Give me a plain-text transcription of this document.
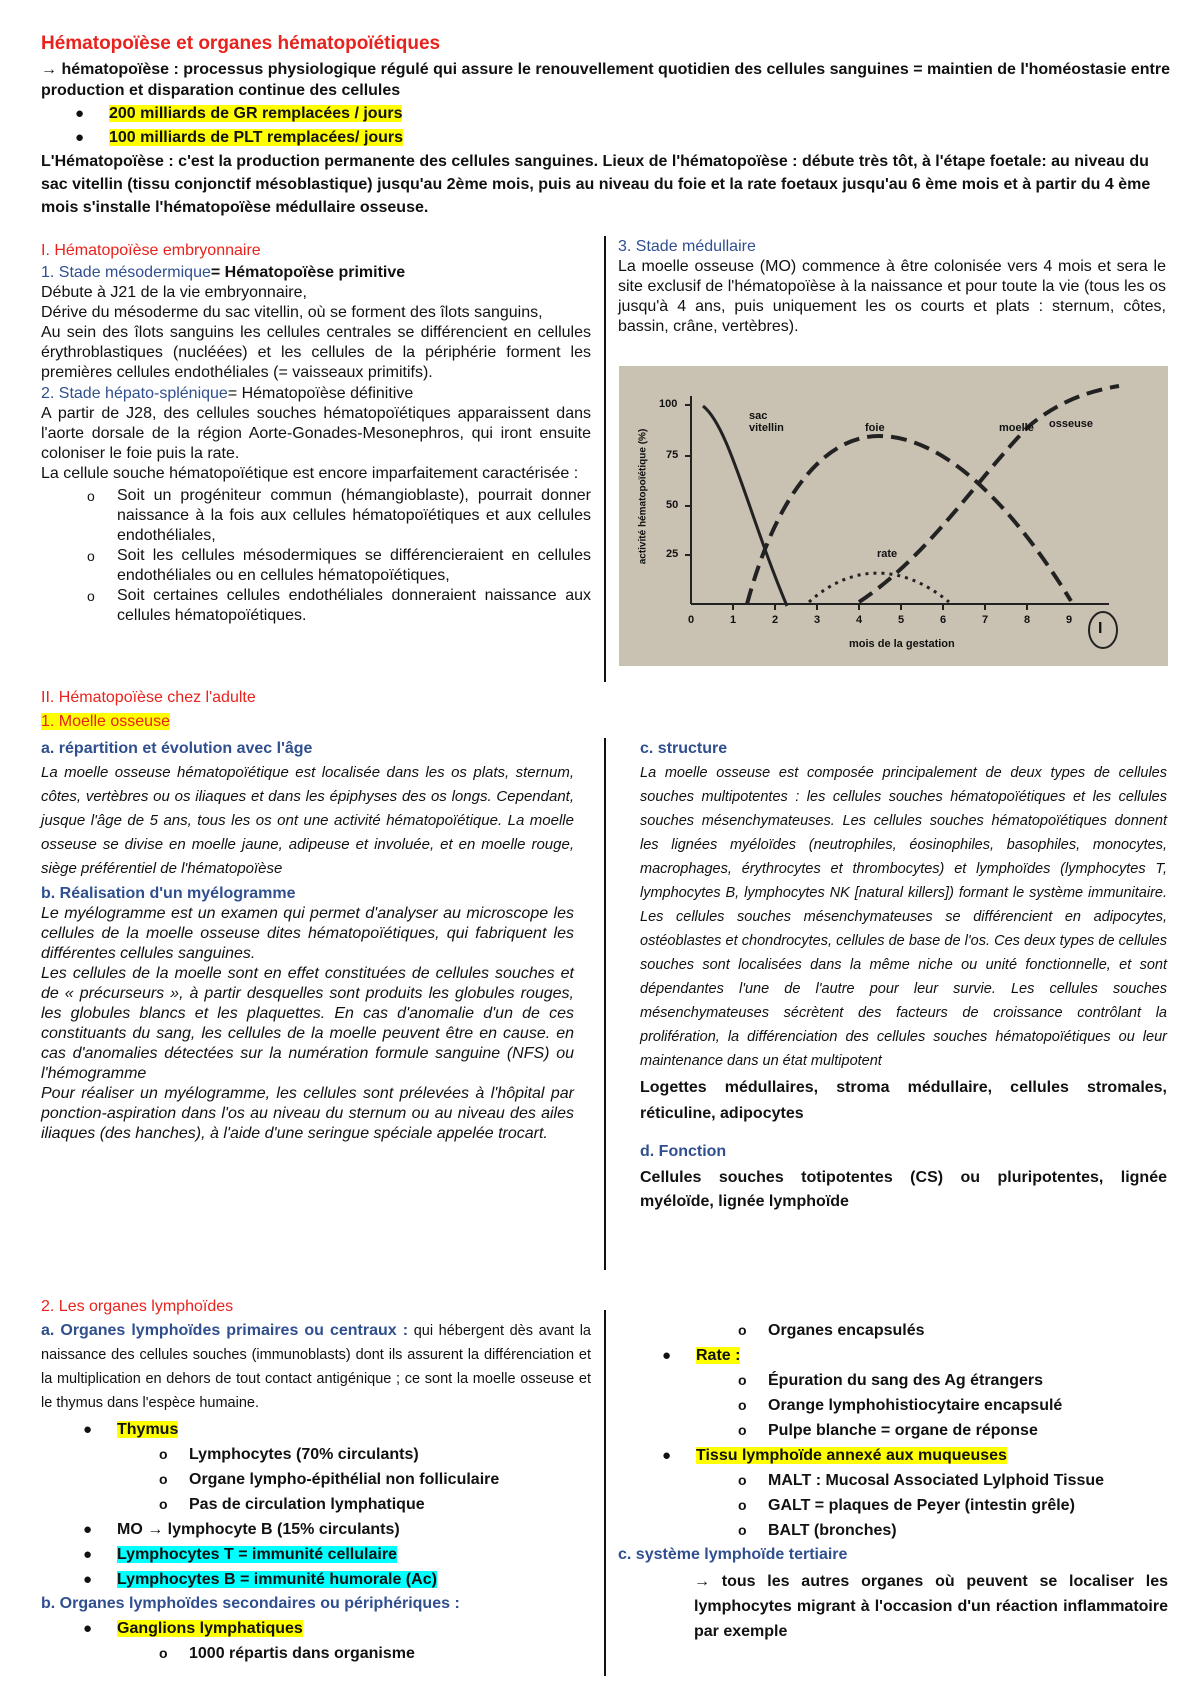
Hématopoïèse et organes hématopoïétiques

→ hématopoïèse : processus physiologique régulé qui assure le renouvellement quotidien des cellules sanguines = maintien de l'homéostasie entre production et disparation continue des cellules

● 200 milliards de GR remplacées / jours
● 100 milliards de PLT remplacées/ jours

L'Hématopoïèse : c'est la production permanente des cellules sanguines. Lieux de l'hématopoïèse : débute très tôt, à l'étape foetale: au niveau du sac vitellin (tissu conjonctif mésoblastique) jusqu'au 2ème mois, puis au niveau du foie et la rate foetaux jusqu'au 6 ème mois et à partir du 4 ème mois s'installe l'hématopoïèse médullaire osseuse.

I. Hématopoïèse embryonnaire
1. Stade mésodermique= Hématopoïèse primitive

Débute à J21 de la vie embryonnaire,
Dérive du mésoderme du sac vitellin, où se forment des îlots sanguins,
Au sein des îlots sanguins les cellules centrales se différencient en cellules érythroblastiques (nucléées) et les cellules de la périphérie forment les premières cellules endothéliales (= vaisseaux primitifs).

2. Stade hépato-splénique= Hématopoïèse définitive

A partir de J28, des cellules souches hématopoïétiques apparaissent dans l'aorte dorsale de la région Aorte-Gonades-Mesonephros, qui iront ensuite coloniser le foie puis la rate.
La cellule souche hématopoïétique est encore imparfaitement caractérisée :

o Soit un progéniteur commun (hémangioblaste), pourrait donner naissance à la fois aux cellules hématopoïétiques et aux cellules endothéliales,
o Soit les cellules mésodermiques se différencieraient en cellules endothéliales ou en cellules hématopoïétiques,
o Soit certaines cellules endothéliales donneraient naissance aux cellules hématopoïétiques.
3. Stade médullaire

La moelle osseuse (MO) commence à être colonisée vers 4 mois et sera le site exclusif de l'hématopoïèse à la naissance et pour toute la vie (tous les os jusqu'à 4 ans, puis uniquement les os courts et plats : sternum, côtes, bassin, crâne, vertèbres).

activité hématopoïétique (%)
100
75
50
25
0	1	2	3	4	5	6	7	8	9
mois de la gestation
sac
vitellin	foie	moelle osseuse
rate
I
II. Hématopoïèse chez l'adulte
1. Moelle osseuse
a. répartition et évolution avec l'âge

La moelle osseuse hématopoïétique est localisée dans les os plats, sternum, côtes, vertèbres ou os iliaques et dans les épiphyses des os longs. Cependant, jusque l'âge de 5 ans, tous les os ont une activité hématopoïétique. La moelle osseuse se divise en moelle jaune, adipeuse et involuée, et en moelle rouge, siège préférentiel de l'hématopoïèse

b. Réalisation d'un myélogramme

Le myélogramme est un examen qui permet d'analyser au microscope les cellules de la moelle osseuse dites hématopoïétiques, qui fabriquent les différentes cellules sanguines.
Les cellules de la moelle sont en effet constituées de cellules souches et de « précurseurs », à partir desquelles sont produits les globules rouges, les globules blancs et les plaquettes. En cas d'anomalie d'un de ces constituants du sang, les cellules de la moelle peuvent être en cause. en cas d'anomalies détectées sur la numération formule sanguine (NFS) ou l'hémogramme
Pour réaliser un myélogramme, les cellules sont prélevées à l'hôpital par ponction-aspiration dans l'os au niveau du sternum ou au niveau des ailes iliaques (des hanches), à l'aide d'une seringue spéciale appelée trocart.

c. structure

La moelle osseuse est composée principalement de deux types de cellules souches multipotentes : les cellules souches hématopoïétiques et les cellules souches mésenchymateuses. Les cellules souches hématopoïétiques donnent les lignées myéloïdes (neutrophiles, éosinophiles, basophiles, monocytes, macrophages, érythrocytes et thrombocytes) et lymphoïdes (lymphocytes T, lymphocytes B, lymphocytes NK [natural killers]) formant le système immunitaire. Les cellules souches mésenchymateuses se différencient en adipocytes, ostéoblastes et chondrocytes, cellules de base de l'os. Ces deux types de cellules souches sont localisées dans la même niche ou unité fonctionnelle, et sont dépendantes l'une de l'autre pour leur survie. Les cellules souches mésenchymateuses sécrètent des facteurs de croissance contrôlant la prolifération, la différenciation des cellules souches hématopoïétiques ou leur maintenance dans un état multipotent

Logettes médullaires, stroma médullaire, cellules stromales, réticuline, adipocytes

d. Fonction

Cellules souches totipotentes (CS) ou pluripotentes, lignée myéloïde, lignée lymphoïde

2. Les organes lymphoïdes

a. Organes lymphoïdes primaires ou centraux : qui hébergent dès avant la naissance des cellules souches (immunoblasts) dont ils assurent la différenciation et la multiplication en dehors de tout contact antigénique ; ce sont la moelle osseuse et le thymus dans l'espèce humaine.

● Thymus
o Lymphocytes (70% circulants)
o Organe lympho-épithélial non folliculaire
o Pas de circulation lymphatique
● MO → lymphocyte B (15% circulants)
● Lymphocytes T = immunité cellulaire
● Lymphocytes B = immunité humorale (Ac)
b. Organes lymphoïdes secondaires ou périphériques :
● Ganglions lymphatiques
o 1000 répartis dans organisme
o Organes encapsulés
● Rate :
o Épuration du sang des Ag étrangers
o Orange lymphohistiocytaire encapsulé
o Pulpe blanche = organe de réponse
● Tissu lymphoïde annexé aux muqueuses
o MALT : Mucosal Associated Lylphoid Tissue
o GALT = plaques de Peyer (intestin grêle)
o BALT (bronches)
c. système lymphoïde tertiaire

→ tous les autres organes où peuvent se localiser les lymphocytes migrant à l'occasion d'un réaction inflammatoire par exemple
